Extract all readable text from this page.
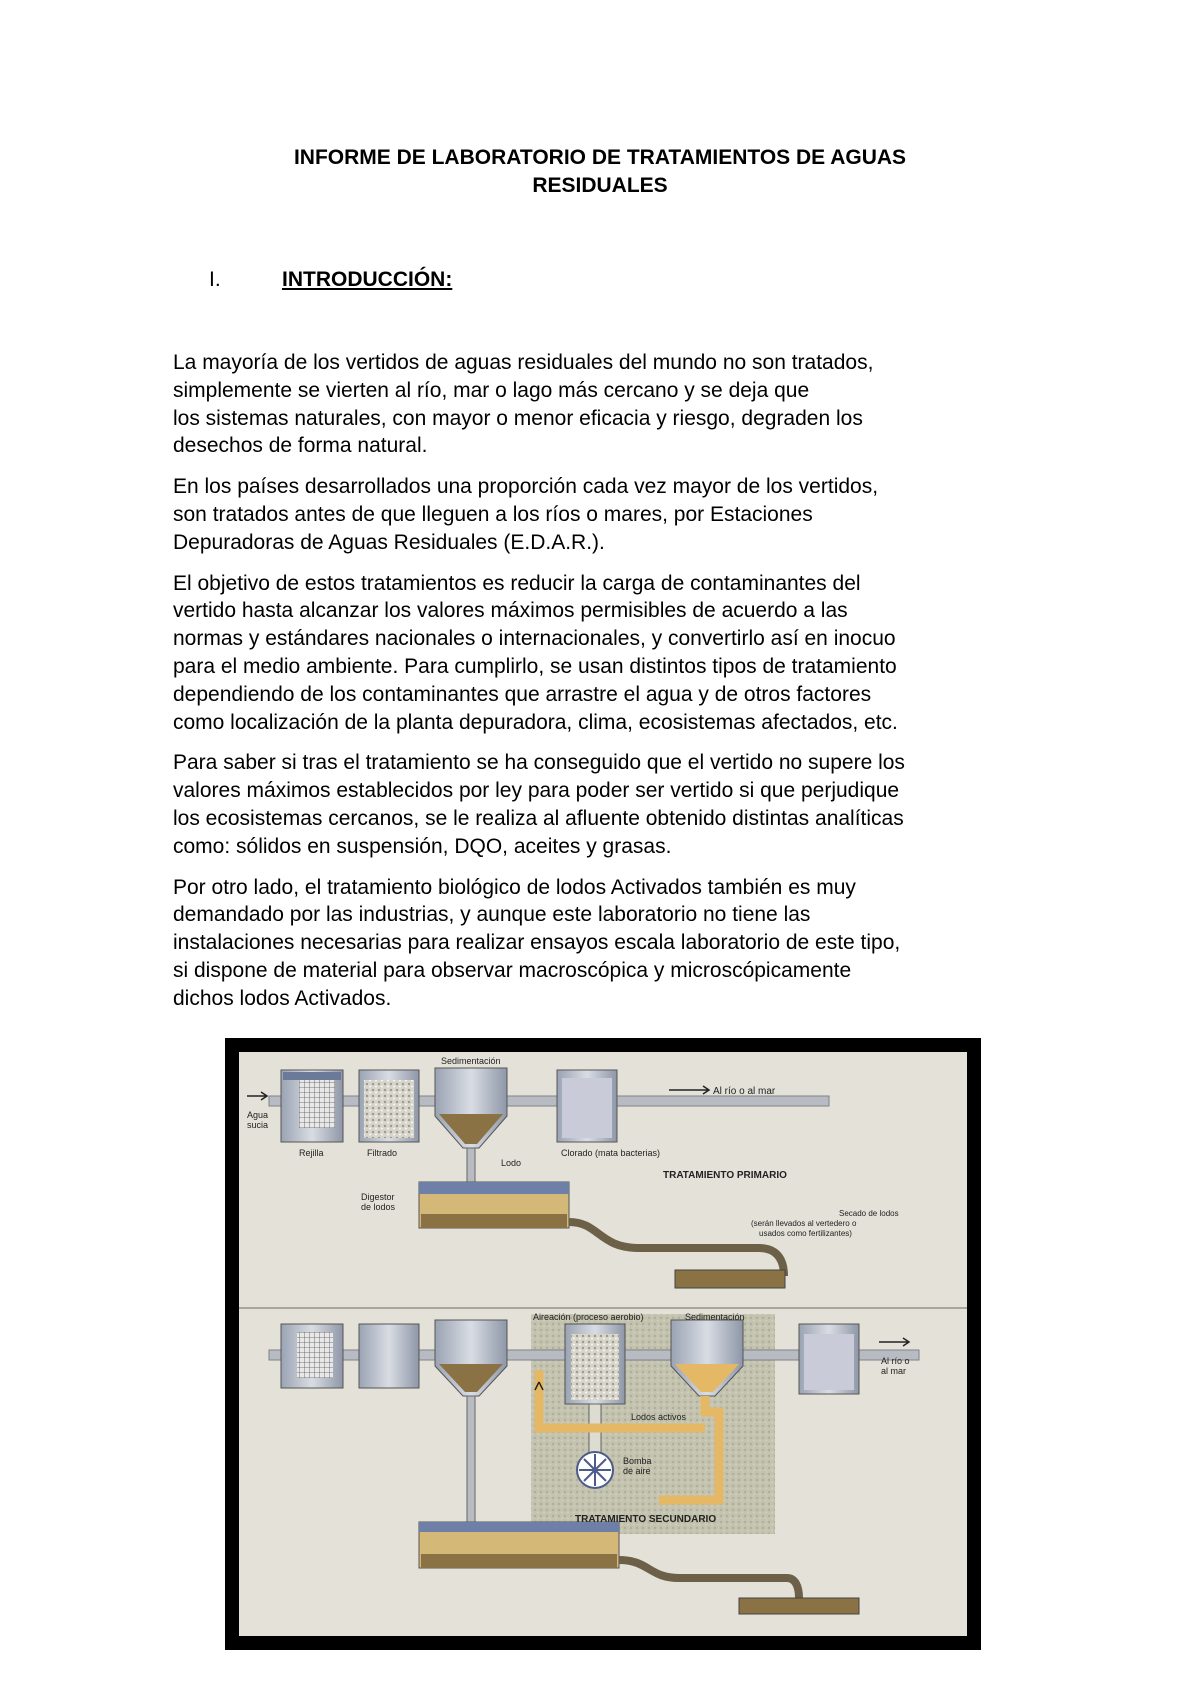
INFORME DE LABORATORIO DE TRATAMIENTOS DE AGUAS
RESIDUALES
I.	INTRODUCCIÓN:

La mayoría de los vertidos de aguas residuales del mundo no son tratados,
simplemente se vierten al río, mar o lago más cercano y se deja que
los sistemas naturales, con mayor o menor eficacia y riesgo, degraden los
desechos de forma natural.

En los países desarrollados una proporción cada vez mayor de los vertidos,
son tratados antes de que lleguen a los ríos o mares, por Estaciones
Depuradoras de Aguas Residuales (E.D.A.R.).

El objetivo de estos tratamientos es reducir la carga de contaminantes del
vertido hasta alcanzar los valores máximos permisibles de acuerdo a las
normas y estándares nacionales o internacionales, y convertirlo así en inocuo
para el medio ambiente. Para cumplirlo, se usan distintos tipos de tratamiento
dependiendo de los contaminantes que arrastre el agua y de otros factores
como localización de la planta depuradora, clima, ecosistemas afectados, etc.

Para saber si tras el tratamiento se ha conseguido que el vertido no supere los
valores máximos establecidos por ley para poder ser vertido si que perjudique
los ecosistemas cercanos, se le realiza al afluente obtenido distintas analíticas
como: sólidos en suspensión, DQO, aceites y grasas.

Por otro lado, el tratamiento biológico de lodos Activados también es muy
demandado por las industrias, y aunque este laboratorio no tiene las
instalaciones necesarias para realizar ensayos escala laboratorio de este tipo,
si dispone de material para observar macroscópica y microscópicamente
dichos lodos Activados.

Sedimentación
Agua
sucia
Rejilla	Filtrado
Lodo
Clorado (mata bacterias)
Al río o al mar
TRATAMIENTO PRIMARIO
Digestor
de lodos
Secado de lodos
(serán llevados al vertedero o
usados como fertilizantes)
Aireación (proceso aerobio)	Sedimentación
Lodos activos
Bomba
de aire
TRATAMIENTO SECUNDARIO
Al río o
al mar
